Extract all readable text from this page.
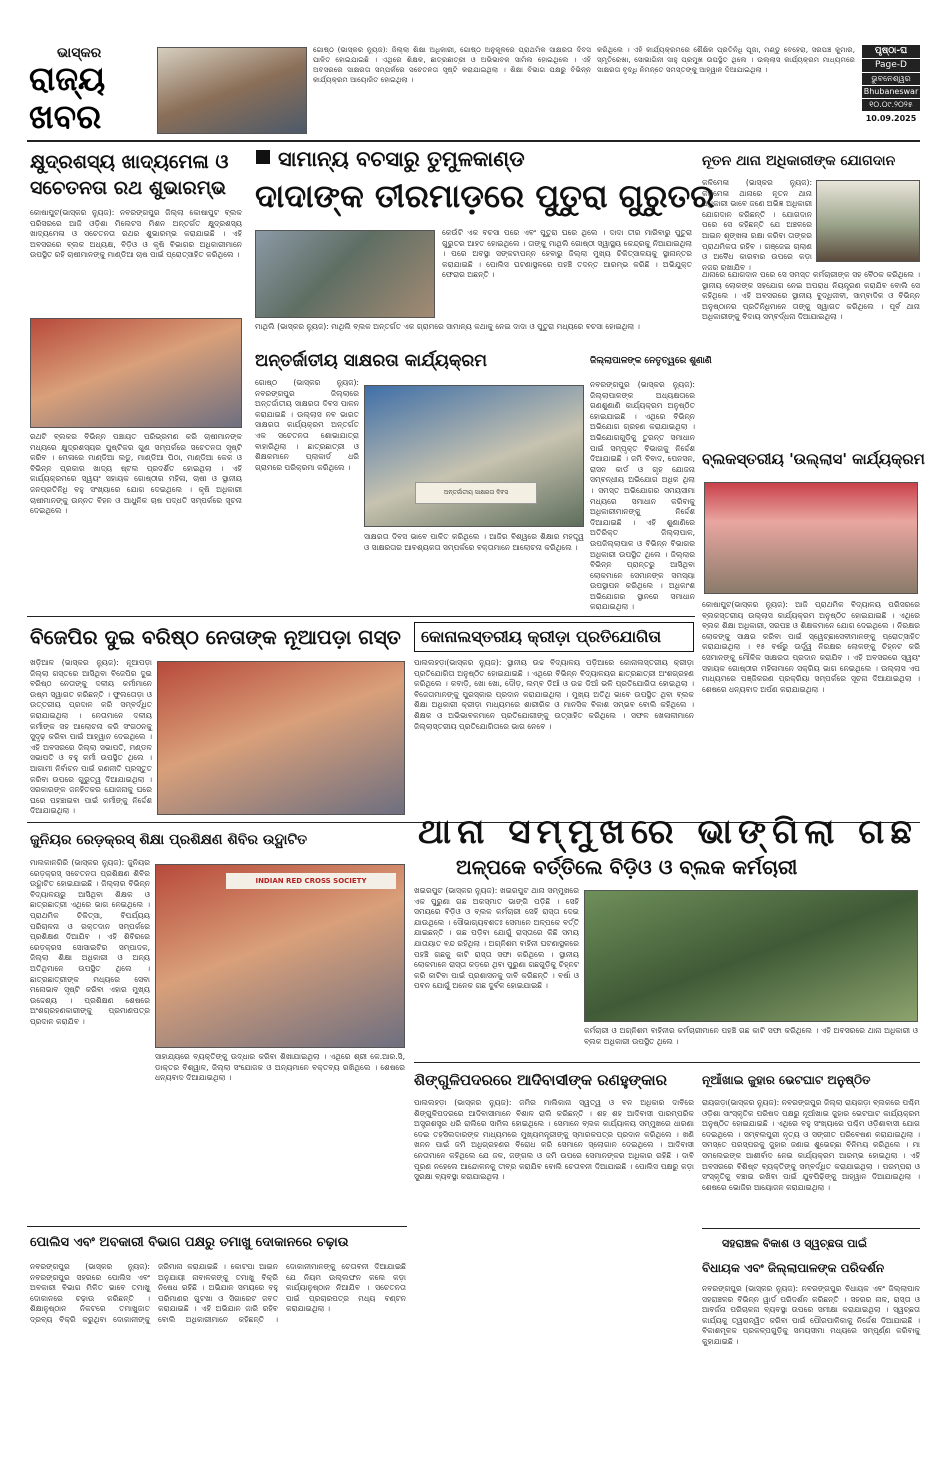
ଭାସ୍କର
ରାଜ୍ୟ
ଖବର
ଗୋଷ୍ଠ (ଭାସ୍କର ନ୍ୟୁଜ): ଜିଲ୍ଲା ଶିକ୍ଷା ଅଧିକାରୀ, ଗୋଷ୍ଠ ଅନୁକୂଳରେ ପ୍ରାଥମିକ ସାକ୍ଷରତା ଦିବସ ପାଳିତ ହୋଇଯାଇଛି । ଏଥିରେ ଶିକ୍ଷକ, ଛାତ୍ରଛାତ୍ରୀ ଓ ଅଭିଭାବକ ସାମିଲ ହୋଇଥିଲେ । ଏହି ଅବସରରେ ସାକ୍ଷରତା ସମ୍ପର୍କରେ ସଚେତନତା ସୃଷ୍ଟି କରାଯାଇଥିଲା । ଶିକ୍ଷା ବିଭାଗ ପକ୍ଷରୁ ବିଭିନ୍ନ କାର୍ଯ୍ୟକ୍ରମ ଆୟୋଜିତ ହୋଇଥିଲା ।
କରିଥିଲେ । ଏହି କାର୍ଯ୍ୟକ୍ରମରେ ଶୈକ୍ଷିକ ପ୍ରତିନିଧି ପୂଜା, ମଣ୍ଡୁ ବେହେରା, ସରପଞ୍ଚ କୁମାର, ସ୍ମୃତିରେଖା, ସୋଭାଗିନୀ ସାହୁ ପ୍ରମୁଖ ଉପସ୍ଥିତ ଥିଲେ । ଉଲ୍ଲାସ କାର୍ଯ୍ୟକ୍ରମ ମାଧ୍ୟମରେ ସାକ୍ଷରତା ବୃଦ୍ଧି ନିମନ୍ତେ ସମସ୍ତଙ୍କୁ ଆହ୍ୱାନ ଦିଆଯାଇଥିଲା ।
ପୃଷ୍ଠା-ଘ
Page-D
ଭୁବନେଶ୍ୱର
Bhubaneswar
୧୦.୦୯.୨୦୨୫
10.09.2025
କ୍ଷୁଦ୍ରଶସ୍ୟ ଖାଦ୍ୟମେଳା ଓ
ସଚେତନତା ରଥ ଶୁଭାରମ୍ଭ
କୋଷାପୁଟ(ଭାସ୍କର ନ୍ୟୁଜ): ନବରଙ୍ଗପୁର ଜିଲ୍ଲା କୋଷାପୁଟ ବ୍ଲକ ପରିସରରେ ଆଜି ଓଡ଼ିଶା ମିଲେଟସ ମିଶନ ଅନ୍ତର୍ଗତ କ୍ଷୁଦ୍ରଶସ୍ୟ ଖାଦ୍ୟମେଳା ଓ ସଚେତନତା ରଥର ଶୁଭାରମ୍ଭ କରାଯାଇଛି । ଏହି ଅବସରରେ ବ୍ଲକ ଅଧ୍ୟକ୍ଷ, ବିଡ଼ିଓ ଓ କୃଷି ବିଭାଗର ଅଧିକାରୀମାନେ ଉପସ୍ଥିତ ରହି ଚାଷୀମାନଙ୍କୁ ମାଣ୍ଡିଆ ଚାଷ ପାଇଁ ପ୍ରୋତ୍ସାହିତ କରିଥିଲେ ।
ରଥଟି ବ୍ଲକର ବିଭିନ୍ନ ପଞ୍ଚାୟତ ପରିଭ୍ରମଣ କରି ଚାଷୀମାନଙ୍କ ମଧ୍ୟରେ କ୍ଷୁଦ୍ରଶସ୍ୟର ପୁଷ୍ଟିକର ଗୁଣ ସମ୍ପର୍କରେ ସଚେତନତା ସୃଷ୍ଟି କରିବ । ମେଳାରେ ମାଣ୍ଡିଆ ଲଡୁ, ମାଣ୍ଡିଆ ପିଠା, ମାଣ୍ଡିଆ କେକ ଓ ବିଭିନ୍ନ ପ୍ରକାର ଖାଦ୍ୟ ଷ୍ଟଲ ପ୍ରଦର୍ଶିତ ହୋଇଥିଲା । ଏହି କାର୍ଯ୍ୟକ୍ରମରେ ସ୍ୱୟଂ ସହାୟକ ଗୋଷ୍ଠୀର ମହିଳା, ଚାଷୀ ଓ ସ୍ଥାନୀୟ ଜନପ୍ରତିନିଧି ବହୁ ସଂଖ୍ୟାରେ ଯୋଗ ଦେଇଥିଲେ । କୃଷି ଅଧିକାରୀ ଚାଷୀମାନଙ୍କୁ ଉନ୍ନତ ବିହନ ଓ ଆଧୁନିକ ଚାଷ ପଦ୍ଧତି ସମ୍ପର୍କରେ ସୂଚନା ଦେଇଥିଲେ ।
ସାମାନ୍ୟ ବଚସାରୁ ତୁମୁଳକାଣ୍ଡ
ଦାଦାଙ୍କ ତୀରମାଡ଼ରେ ପୁତୁରା ଗୁରୁତର
କେଉଁଟି ଏକ ବଚସା ପରେ ଏବଂ ପୁତୁରା ଘରେ ଥିଲେ । ଦାଦା ତୀର ମାରିବାରୁ ପୁତୁରା ଗୁରୁତର ଆହତ ହୋଇଥିଲେ । ତାଙ୍କୁ ମାଥିଲି ଗୋଷ୍ଠୀ ସ୍ୱାସ୍ଥ୍ୟ କେନ୍ଦ୍ରକୁ ନିଆଯାଇଥିଲା । ପରେ ଅବସ୍ଥା ସଙ୍କଟାପନ୍ନ ହେବାରୁ ଜିଲ୍ଲା ମୁଖ୍ୟ ଚିକିତ୍ସାଳୟକୁ ସ୍ଥାନାନ୍ତର କରାଯାଇଛି । ପୋଲିସ ଘଟଣାସ୍ଥଳରେ ପହଞ୍ଚି ତଦନ୍ତ ଆରମ୍ଭ କରିଛି । ଅଭିଯୁକ୍ତ ଫେରାର ଅଛନ୍ତି ।
ମାଥିଲି (ଭାସ୍କର ନ୍ୟୁଜ): ମାଥିଲି ବ୍ଲକ ଅନ୍ତର୍ଗତ ଏକ ଗ୍ରାମରେ ସାମାନ୍ୟ କଥାକୁ ନେଇ ଦାଦା ଓ ପୁତୁରା ମଧ୍ୟରେ ବଚସା ହୋଇଥିଲା ।
ନୂତନ ଥାନା ଅଧିକାରୀଙ୍କ ଯୋଗଦାନ
କଳିମେଳା (ଭାସ୍କର ନ୍ୟୁଜ): କଳିମେଳା ଥାନାରେ ନୂତନ ଥାନା ଅଧିକାରୀ ଭାବେ ଜଣେ ଅଭିଜ୍ଞ ଅଧିକାରୀ ଯୋଗଦାନ କରିଛନ୍ତି । ଯୋଗଦାନ ପରେ ସେ କହିଛନ୍ତି ଯେ ଅଞ୍ଚଳରେ ଆଇନ ଶୃଙ୍ଖଳା ରକ୍ଷା କରିବା ତାଙ୍କର ପ୍ରାଥମିକତା ରହିବ । ଗଞ୍ଜେଇ ଚାଲାଣ ଓ ଅବୈଧ କାରବାର ଉପରେ କଡ଼ା ନଜର ରଖାଯିବ ।
ଥାନାରେ ଯୋଗଦାନ ପରେ ସେ ସମସ୍ତ କର୍ମଚାରୀଙ୍କ ସହ ବୈଠକ କରିଥିଲେ । ସ୍ଥାନୀୟ ଲୋକଙ୍କ ସହଯୋଗ ନେଇ ଅପରାଧ ନିୟନ୍ତ୍ରଣ କରାଯିବ ବୋଲି ସେ କହିଥିଲେ । ଏହି ଅବସରରେ ସ୍ଥାନୀୟ ବୁଦ୍ଧିଜୀବୀ, ସାମ୍ବାଦିକ ଓ ବିଭିନ୍ନ ଅନୁଷ୍ଠାନର ପ୍ରତିନିଧିମାନେ ତାଙ୍କୁ ସ୍ୱାଗତ କରିଥିଲେ । ପୂର୍ବ ଥାନା ଅଧିକାରୀଙ୍କୁ ବିଦାୟ ସମ୍ବର୍ଦ୍ଧନା ଦିଆଯାଇଥିଲା ।
ଅନ୍ତର୍ଜାତୀୟ ସାକ୍ଷରତା କାର୍ଯ୍ୟକ୍ରମ
ଗୋଷ୍ଠ (ଭାସ୍କର ନ୍ୟୁଜ): ନବରଙ୍ଗପୁର ଜିଲ୍ଲାରେ ଅନ୍ତର୍ଜାତୀୟ ସାକ୍ଷରତା ଦିବସ ପାଳନ କରାଯାଇଛି । ଉଲ୍ଲାସ ନବ ଭାରତ ସାକ୍ଷରତା କାର୍ଯ୍ୟକ୍ରମ ଅନ୍ତର୍ଗତ ଏକ ସଚେତନତା ଶୋଭାଯାତ୍ରା ବାହାରିଥିଲା । ଛାତ୍ରଛାତ୍ରୀ ଓ ଶିକ୍ଷକମାନେ ପ୍ଲାକାର୍ଡ ଧରି ଗ୍ରାମରେ ପରିକ୍ରମା କରିଥିଲେ ।
ଅନ୍ତର୍ଜାତୀୟ ସାକ୍ଷରତା ଦିବସ
ସାକ୍ଷରତା ଦିବସ ଭାବେ ପାଳିତ କରିଥିଲେ । ଆଜିର ବିଶ୍ୱରେ ଶିକ୍ଷାର ମହତ୍ତ୍ୱ ଓ ସାକ୍ଷରତାର ଆବଶ୍ୟକତା ସମ୍ପର୍କରେ ବକ୍ତାମାନେ ଆଲୋଚନା କରିଥିଲେ ।
ଜିଲ୍ଲାପାଳଙ୍କ ନେତୃତ୍ୱରେ ଶୁଣାଣି
ନବରଙ୍ଗପୁର (ଭାସ୍କର ନ୍ୟୁଜ): ଜିଲ୍ଲାପାଳଙ୍କ ଅଧ୍ୟକ୍ଷତାରେ ଗଣଶୁଣାଣି କାର୍ଯ୍ୟକ୍ରମ ଅନୁଷ୍ଠିତ ହୋଇଯାଇଛି । ଏଥିରେ ବିଭିନ୍ନ ଅଭିଯୋଗ ଗ୍ରହଣ କରାଯାଇଥିଲା । ଅଭିଯୋଗଗୁଡ଼ିକୁ ତୁରନ୍ତ ସମାଧାନ ପାଇଁ ସମ୍ପୃକ୍ତ ବିଭାଗକୁ ନିର୍ଦ୍ଦେଶ ଦିଆଯାଇଛି । ଜମି ବିବାଦ, ପେନସନ, ରାସନ କାର୍ଡ ଓ ଗୃହ ଯୋଜନା ସମ୍ବନ୍ଧୀୟ ଅଭିଯୋଗ ଅଧିକ ଥିଲା । ସମସ୍ତ ଅଭିଯୋଗର ସମୟସୀମା ମଧ୍ୟରେ ସମାଧାନ କରିବାକୁ ଅଧିକାରୀମାନଙ୍କୁ ନିର୍ଦ୍ଦେଶ ଦିଆଯାଇଛି । ଏହି ଶୁଣାଣିରେ ଅତିରିକ୍ତ ଜିଲ୍ଲାପାଳ, ଉପଜିଲ୍ଲାପାଳ ଓ ବିଭିନ୍ନ ବିଭାଗର ଅଧିକାରୀ ଉପସ୍ଥିତ ଥିଲେ । ଜିଲ୍ଲାର ବିଭିନ୍ନ ପ୍ରାନ୍ତରୁ ଆସିଥିବା ଲୋକମାନେ ସେମାନଙ୍କ ସମସ୍ୟା ଉପସ୍ଥାପନ କରିଥିଲେ । ଅଧିକାଂଶ ଅଭିଯୋଗର ସ୍ଥାନରେ ସମାଧାନ କରାଯାଇଥିଲା ।
ବ୍ଲକସ୍ତରୀୟ 'ଉଲ୍ଲାସ' କାର୍ଯ୍ୟକ୍ରମ
କୋଷାପୁଟ(ଭାସ୍କର ନ୍ୟୁଜ): ଆଜି ପ୍ରାଥମିକ ବିଦ୍ୟାଳୟ ପରିସରରେ ବ୍ଲକସ୍ତରୀୟ ଉଲ୍ଲାସ କାର୍ଯ୍ୟକ୍ରମ ଅନୁଷ୍ଠିତ ହୋଇଯାଇଛି । ଏଥିରେ ବ୍ଲକ ଶିକ୍ଷା ଅଧିକାରୀ, ସରପଞ୍ଚ ଓ ଶିକ୍ଷକମାନେ ଯୋଗ ଦେଇଥିଲେ । ନିରକ୍ଷର ଲୋକଙ୍କୁ ସାକ୍ଷର କରିବା ପାଇଁ ସ୍ୱେଚ୍ଛାସେବୀମାନଙ୍କୁ ପ୍ରୋତ୍ସାହିତ କରାଯାଇଥିଲା । ୧୫ ବର୍ଷରୁ ଊର୍ଦ୍ଧ୍ୱ ନିରକ୍ଷର ଲୋକଙ୍କୁ ଚିହ୍ନଟ କରି ସେମାନଙ୍କୁ ମୌଳିକ ସାକ୍ଷରତା ପ୍ରଦାନ କରାଯିବ । ଏହି ଅବସରରେ ସ୍ୱୟଂ ସହାୟକ ଗୋଷ୍ଠୀର ମହିଳାମାନେ ସକ୍ରିୟ ଭାଗ ନେଇଥିଲେ । ଉଲ୍ଲାସ ଏପ ମାଧ୍ୟମରେ ପଞ୍ଜିକରଣ ପ୍ରକ୍ରିୟା ସମ୍ପର୍କରେ ସୂଚନା ଦିଆଯାଇଥିଲା । ଶେଷରେ ଧନ୍ୟବାଦ ଅର୍ପଣ କରାଯାଇଥିଲା ।
ବିଜେପିର ଦୁଇ ବରିଷ୍ଠ ନେତାଙ୍କ ନୂଆପଡ଼ା ଗସ୍ତ
ଖଡ଼ିଆଳ (ଭାସ୍କର ନ୍ୟୁଜ): ନୂଆପଡ଼ା ଜିଲ୍ଲା ଗସ୍ତରେ ଆସିଥିବା ବିଜେପିର ଦୁଇ ବରିଷ୍ଠ ନେତାଙ୍କୁ ଦଳୀୟ କର୍ମୀମାନେ ଉଷ୍ମ ସ୍ୱାଗତ କରିଛନ୍ତି । ଫୁଲତୋଡ଼ା ଓ ଉତ୍ତରୀୟ ପ୍ରଦାନ କରି ସମ୍ବର୍ଦ୍ଧିତ କରାଯାଇଥିଲା । ନେତାମାନେ ଦଳୀୟ କର୍ମୀଙ୍କ ସହ ଆଲୋଚନା କରି ସଂଗଠନକୁ ସୁଦୃଢ଼ କରିବା ପାଇଁ ଆହ୍ୱାନ ଦେଇଥିଲେ । ଏହି ଅବସରରେ ଜିଲ୍ଲା ସଭାପତି, ମଣ୍ଡଳ ସଭାପତି ଓ ବହୁ କର୍ମୀ ଉପସ୍ଥିତ ଥିଲେ । ଆଗାମୀ ନିର୍ବାଚନ ପାଇଁ ରଣନୀତି ପ୍ରସ୍ତୁତ କରିବା ଉପରେ ଗୁରୁତ୍ୱ ଦିଆଯାଇଥିଲା । ସରକାରଙ୍କ ଜନହିତକର ଯୋଜନାକୁ ଘରେ ଘରେ ପହଞ୍ଚାଇବା ପାଇଁ କର୍ମୀଙ୍କୁ ନିର୍ଦ୍ଦେଶ ଦିଆଯାଇଥିଲା ।
କୋନାଲସ୍ତରୀୟ କ୍ରୀଡ଼ା ପ୍ରତିଯୋଗିତା
ପାଲଲହଡ଼ା(ଭାସ୍କର ନ୍ୟୁଜ): ସ୍ଥାନୀୟ ଉଚ୍ଚ ବିଦ୍ୟାଳୟ ପଡ଼ିଆରେ କୋନାଲସ୍ତରୀୟ କ୍ରୀଡ଼ା ପ୍ରତିଯୋଗିତା ଅନୁଷ୍ଠିତ ହୋଇଯାଇଛି । ଏଥିରେ ବିଭିନ୍ନ ବିଦ୍ୟାଳୟର ଛାତ୍ରଛାତ୍ରୀ ଅଂଶଗ୍ରହଣ କରିଥିଲେ । କବାଡ଼ି, ଖୋ ଖୋ, ଦୌଡ଼, ଲମ୍ବ ଡିଆଁ ଓ ଉଚ୍ଚ ଡିଆଁ ଭଳି ପ୍ରତିଯୋଗିତା ହୋଇଥିଲା । ବିଜେତାମାନଙ୍କୁ ପୁରସ୍କାର ପ୍ରଦାନ କରାଯାଇଥିଲା । ମୁଖ୍ୟ ଅତିଥି ଭାବେ ଉପସ୍ଥିତ ଥିବା ବ୍ଲକ ଶିକ୍ଷା ଅଧିକାରୀ କ୍ରୀଡ଼ା ମାଧ୍ୟମରେ ଶାରୀରିକ ଓ ମାନସିକ ବିକାଶ ସମ୍ଭବ ବୋଲି କହିଥିଲେ । ଶିକ୍ଷକ ଓ ଅଭିଭାବକମାନେ ପ୍ରତିଯୋଗୀଙ୍କୁ ଉତ୍ସାହିତ କରିଥିଲେ । ସଫଳ ଖେଳାଳୀମାନେ ଜିଲ୍ଲାସ୍ତରୀୟ ପ୍ରତିଯୋଗିତାରେ ଭାଗ ନେବେ ।
ଜୁନିୟର ରେଡ଼କ୍ରସ୍ ଶିକ୍ଷା ପ୍ରଶିକ୍ଷଣ ଶିବିର ଉଦ୍ଘାଟିତ
ମାଲକାନଗିରି (ଭାସ୍କର ନ୍ୟୁଜ): ଜୁନିୟର ରେଡ଼କ୍ରସ୍ ସଚେତନତା ପ୍ରଶିକ୍ଷଣ ଶିବିର ଉଦ୍ଘାଟିତ ହୋଇଯାଇଛି । ଜିଲ୍ଲାର ବିଭିନ୍ନ ବିଦ୍ୟାଳୟରୁ ଆସିଥିବା ଶିକ୍ଷକ ଓ ଛାତ୍ରଛାତ୍ରୀ ଏଥିରେ ଭାଗ ନେଇଥିଲେ । ପ୍ରାଥମିକ ଚିକିତ୍ସା, ବିପର୍ଯ୍ୟୟ ପରିଚାଳନା ଓ ରକ୍ତଦାନ ସମ୍ପର୍କରେ ପ୍ରଶିକ୍ଷଣ ଦିଆଯିବ । ଏହି ଶିବିରରେ ରେଡ଼କ୍ରସ ସୋସାଇଟିର ସମ୍ପାଦକ, ଜିଲ୍ଲା ଶିକ୍ଷା ଅଧିକାରୀ ଓ ଅନ୍ୟ ଅତିଥିମାନେ ଉପସ୍ଥିତ ଥିଲେ । ଛାତ୍ରଛାତ୍ରୀଙ୍କ ମଧ୍ୟରେ ସେବା ମନୋଭାବ ସୃଷ୍ଟି କରିବା ଏହାର ମୁଖ୍ୟ ଉଦ୍ଦେଶ୍ୟ । ପ୍ରଶିକ୍ଷଣ ଶେଷରେ ଅଂଶଗ୍ରହଣକାରୀଙ୍କୁ ପ୍ରମାଣପତ୍ର ପ୍ରଦାନ କରାଯିବ ।
INDIAN RED CROSS SOCIETY
ସାହାଯ୍ୟରେ ବ୍ୟକ୍ତିଙ୍କୁ ଉଦ୍ଧାର କରିବା ଶିଖାଯାଇଥିଲା । ଏଥିରେ ଶ୍ରୀ କେ.ଆର.ସି, ଡାକ୍ତର ବିଶ୍ୱାଳ, ଜିଲ୍ଲା ସଂଯୋଜକ ଓ ଅନ୍ୟମାନେ ବକ୍ତବ୍ୟ ରଖିଥିଲେ । ଶେଷରେ ଧନ୍ୟବାଦ ଦିଆଯାଇଥିଲା ।
ଥାନା ସମ୍ମୁଖରେ ଭାଙ୍ଗିଲା ଗଛ
ଅଳ୍ପକେ ବର୍ତ୍ତିଲେ ବିଡ଼ିଓ ଓ ବ୍ଲକ କର୍ମଚାରୀ
ଖଇରପୁଟ (ଭାସ୍କର ନ୍ୟୁଜ): ଖଇରପୁଟ ଥାନା ସମ୍ମୁଖରେ ଏକ ପୁରୁଣା ଗଛ ଅକସ୍ମାତ ଭାଙ୍ଗି ପଡ଼ିଛି । ସେହି ସମୟରେ ବିଡ଼ିଓ ଓ ବ୍ଲକ କର୍ମଚାରୀ ସେହି ରାସ୍ତା ଦେଇ ଯାଉଥିଲେ । ସୌଭାଗ୍ୟବଶତଃ ସେମାନେ ଅଳ୍ପକେ ବର୍ତ୍ତି ଯାଇଛନ୍ତି । ଗଛ ପଡ଼ିବା ଯୋଗୁଁ ରାସ୍ତାରେ କିଛି ସମୟ ଯାତାୟାତ ବନ୍ଦ ରହିଥିଲା । ଅଗ୍ନିଶମ ବାହିନୀ ଘଟଣାସ୍ଥଳରେ ପହଞ୍ଚି ଗଛକୁ କାଟି ରାସ୍ତା ସଫା କରିଥିଲେ । ସ୍ଥାନୀୟ ଲୋକମାନେ ରାସ୍ତା କଡ଼ରେ ଥିବା ପୁରୁଣା ଗଛଗୁଡ଼ିକୁ ଚିହ୍ନଟ କରି କାଟିବା ପାଇଁ ପ୍ରଶାସନକୁ ଦାବି କରିଛନ୍ତି । ବର୍ଷା ଓ ପବନ ଯୋଗୁଁ ଅନେକ ଗଛ ଦୁର୍ବଳ ହୋଇଯାଇଛି ।
କର୍ମଚାରୀ ଓ ଅଗ୍ନିଶମ ବାହିନୀର କର୍ମଚାରୀମାନେ ପହଞ୍ଚି ଗଛ କାଟି ସଫା କରିଥିଲେ । ଏହି ଅବସରରେ ଥାନା ଅଧିକାରୀ ଓ ବ୍ଲକ ଅଧିକାରୀ ଉପସ୍ଥିତ ଥିଲେ ।
ଶିଙ୍ଗୁଳିପଦରରେ ଆଦିବାସୀଙ୍କ ରଣହୁଙ୍କାର
ପାଲଲହଡ଼ା (ଭାସ୍କର ନ୍ୟୁଜ): ଜମିର ମାଲିକାନା ସ୍ୱତ୍ୱ ଓ ବନ ଅଧିକାର ଦାବିରେ ଶିଙ୍ଗୁଳିପଦରରେ ଆଦିବାସୀମାନେ ବିଶାଳ ରାଲି କରିଛନ୍ତି । ଶହ ଶହ ଆଦିବାସୀ ପାରମ୍ପରିକ ଅସ୍ତ୍ରଶସ୍ତ୍ର ଧରି ରାଲିରେ ସାମିଲ ହୋଇଥିଲେ । ସେମାନେ ବ୍ଲକ କାର୍ଯ୍ୟାଳୟ ସମ୍ମୁଖରେ ଧାରଣା ଦେଇ ତହସିଲଦାରଙ୍କ ମାଧ୍ୟମରେ ମୁଖ୍ୟମନ୍ତ୍ରୀଙ୍କୁ ସ୍ମାରକପତ୍ର ପ୍ରଦାନ କରିଥିଲେ । ଖଣି ଖନନ ପାଇଁ ଜମି ଅଧିଗ୍ରହଣର ବିରୋଧ କରି ସେମାନେ ସ୍ଲୋଗାନ ଦେଇଥିଲେ । ଆଦିବାସୀ ନେତାମାନେ କହିଥିଲେ ଯେ ଜଳ, ଜଙ୍ଗଲ ଓ ଜମି ଉପରେ ସେମାନଙ୍କର ଅଧିକାର ରହିଛି । ଦାବି ପୂରଣ ନହେଲେ ଆନ୍ଦୋଳନକୁ ତୀବ୍ର କରାଯିବ ବୋଲି ଚେତାବନୀ ଦିଆଯାଇଛି । ପୋଲିସ ପକ୍ଷରୁ କଡ଼ା ସୁରକ୍ଷା ବ୍ୟବସ୍ଥା କରାଯାଇଥିଲା ।
ନୂଆଁଖାଇ ଜୁହାର ଭେଟଘାଟ ଅନୁଷ୍ଠିତ
ରାୟଗଡ଼ା(ଭାସ୍କର ନ୍ୟୁଜ): ନବରଙ୍ଗପୁର ଜିଲ୍ଲା ରାୟଗଡ଼ା ବ୍ଲକରେ ପଶ୍ଚିମ ଓଡ଼ିଶା ସାଂସ୍କୃତିକ ପରିଷଦ ପକ୍ଷରୁ ନୂଆଁଖାଇ ଜୁହାର ଭେଟଘାଟ କାର୍ଯ୍ୟକ୍ରମ ଅନୁଷ୍ଠିତ ହୋଇଯାଇଛି । ଏଥିରେ ବହୁ ସଂଖ୍ୟାରେ ପଶ୍ଚିମ ଓଡ଼ିଶାବାସୀ ଯୋଗ ଦେଇଥିଲେ । ସମ୍ବଲପୁରୀ ନୃତ୍ୟ ଓ ସଙ୍ଗୀତ ପରିବେଷଣ କରାଯାଇଥିଲା । ସମସ୍ତେ ପରସ୍ପରକୁ ଜୁହାର ଜଣାଇ ଶୁଭେଚ୍ଛା ବିନିମୟ କରିଥିଲେ । ମା ସମଲେଇଙ୍କ ଆଶୀର୍ବାଦ ନେଇ କାର୍ଯ୍ୟକ୍ରମ ଆରମ୍ଭ ହୋଇଥିଲା । ଏହି ଅବସରରେ ବିଶିଷ୍ଟ ବ୍ୟକ୍ତିଙ୍କୁ ସମ୍ବର୍ଦ୍ଧିତ କରାଯାଇଥିଲା । ପରମ୍ପରା ଓ ସଂସ୍କୃତିକୁ ବଞ୍ଚାଇ ରଖିବା ପାଇଁ ଯୁବପିଢ଼ିଙ୍କୁ ଆହ୍ୱାନ ଦିଆଯାଇଥିଲା । ଶେଷରେ ଭୋଜିର ଆୟୋଜନ କରାଯାଇଥିଲା ।
ପୋଲିସ ଏବଂ ଅବକାରୀ ବିଭାଗ ପକ୍ଷରୁ ତମାଖୁ ଦୋକାନରେ ଚଢ଼ାଉ
ନବରଙ୍ଗପୁର (ଭାସ୍କର ନ୍ୟୁଜ): ନବରଙ୍ଗପୁର ସହରରେ ପୋଲିସ ଏବଂ ଅବକାରୀ ବିଭାଗ ମିଳିତ ଭାବେ ତମାଖୁ ଦୋକାନରେ ଚଢ଼ାଉ କରିଛନ୍ତି । ଶିକ୍ଷାନୁଷ୍ଠାନ ନିକଟରେ ତମାଖୁଜାତ ଦ୍ରବ୍ୟ ବିକ୍ରି କରୁଥିବା ଦୋକାନୀଙ୍କୁ ଜରିମାନା କରାଯାଇଛି । କୋଟପା ଆଇନ ଅନୁଯାୟୀ ନାବାଳକଙ୍କୁ ତମାଖୁ ବିକ୍ରି ନିଷେଧ ରହିଛି । ଅଭିଯାନ ସମୟରେ ବହୁ ପରିମାଣର ଗୁଟଖା ଓ ସିଗାରେଟ ଜବତ କରାଯାଇଛି । ଏହି ଅଭିଯାନ ଜାରି ରହିବ ବୋଲି ଅଧିକାରୀମାନେ କହିଛନ୍ତି । ଦୋକାନୀମାନଙ୍କୁ ଚେତାବନୀ ଦିଆଯାଇଛି ଯେ ନିୟମ ଉଲ୍ଲଙ୍ଘନ କଲେ କଡ଼ା କାର୍ଯ୍ୟାନୁଷ୍ଠାନ ନିଆଯିବ । ସଚେତନତା ପାଇଁ ପ୍ରଚାରପତ୍ର ମଧ୍ୟ ବଣ୍ଟନ କରାଯାଇଥିଲା ।
ସହରାଞ୍ଚଳ ବିକାଶ ଓ ସ୍ୱଚ୍ଛତା ପାଇଁ
ବିଧାୟକ ଏବଂ ଜିଲ୍ଲାପାଳଙ୍କ ପରିଦର୍ଶନ
ନବରଙ୍ଗପୁର (ଭାସ୍କର ନ୍ୟୁଜ): ନବରଙ୍ଗପୁର ବିଧାୟକ ଏବଂ ଜିଲ୍ଲାପାଳ ସହରାଞ୍ଚଳର ବିଭିନ୍ନ ୱାର୍ଡ ପରିଦର୍ଶନ କରିଛନ୍ତି । ସହରର ନାଳ, ରାସ୍ତା ଓ ଆବର୍ଜନା ପରିଚାଳନା ବ୍ୟବସ୍ଥା ଉପରେ ସମୀକ୍ଷା କରାଯାଇଥିଲା । ସ୍ୱଚ୍ଛତା କାର୍ଯ୍ୟକୁ ତ୍ୱରାନ୍ୱିତ କରିବା ପାଇଁ ପୌରପାଳିକାକୁ ନିର୍ଦ୍ଦେଶ ଦିଆଯାଇଛି । ବିକାଶମୂଳକ ପ୍ରକଳ୍ପଗୁଡ଼ିକୁ ସମୟସୀମା ମଧ୍ୟରେ ସମ୍ପୂର୍ଣ୍ଣ କରିବାକୁ କୁହାଯାଇଛି ।
